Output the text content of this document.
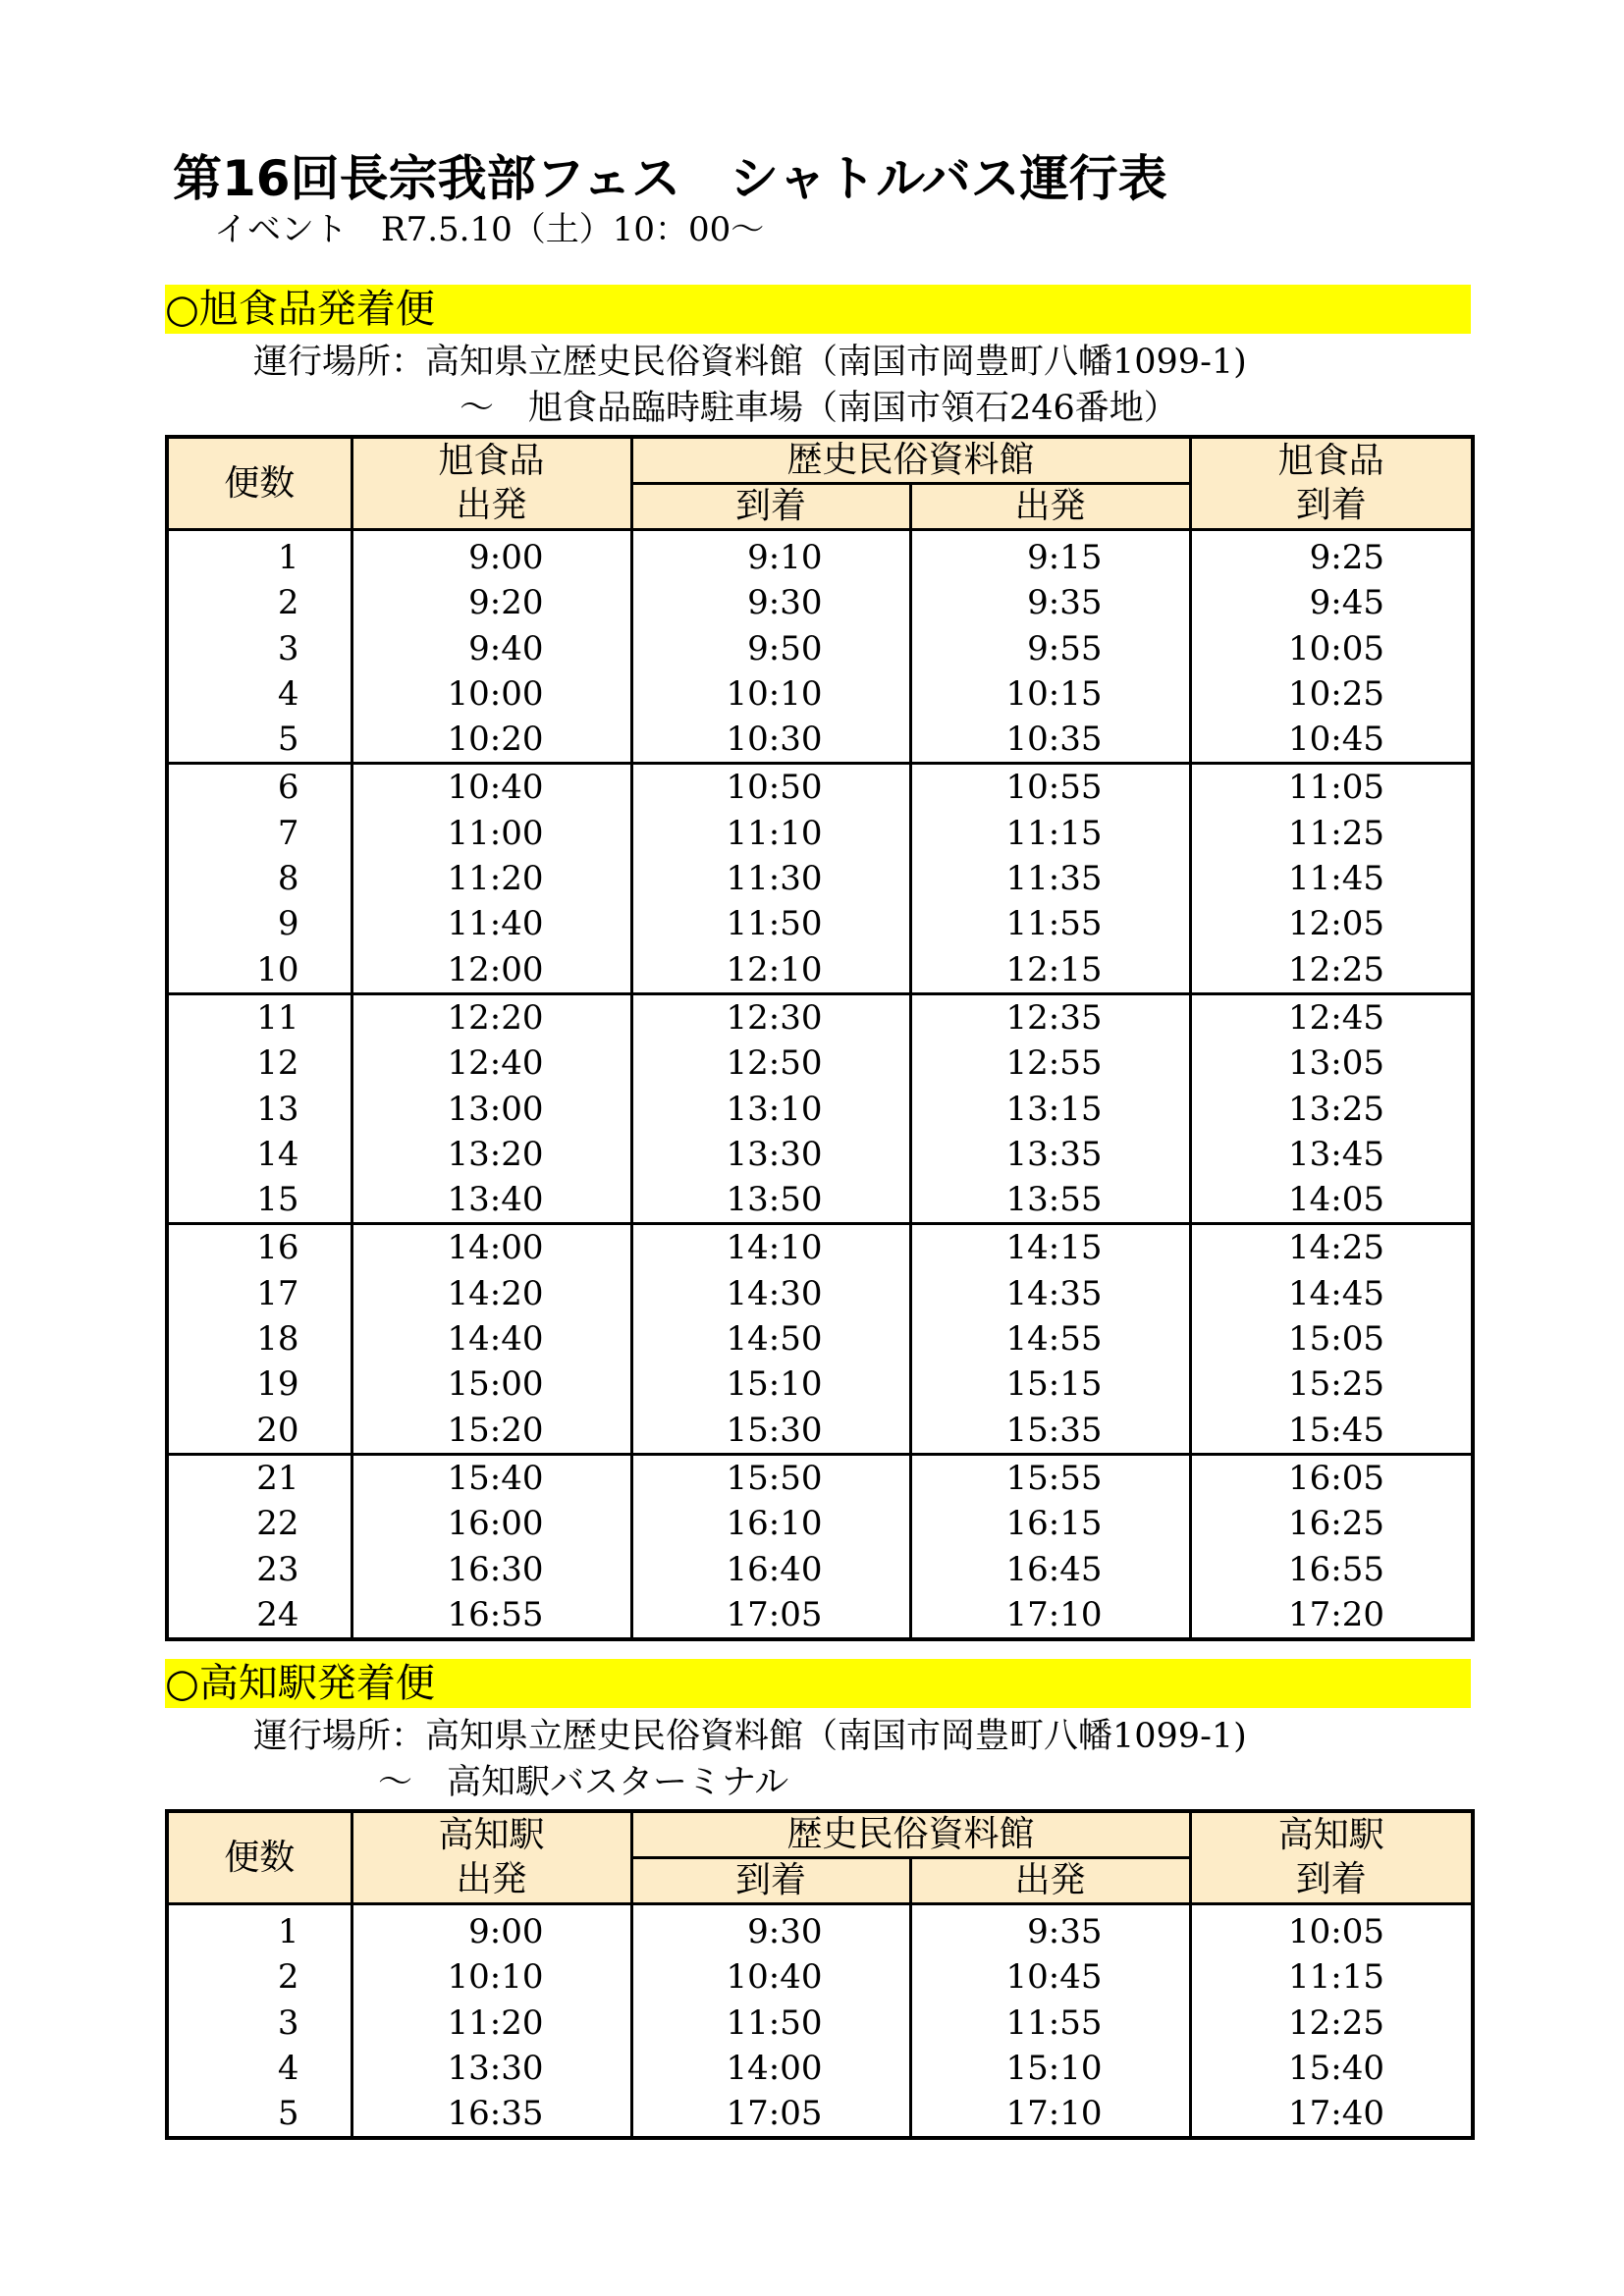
第16回長宗我部フェス　シャトルバス運行表
イベント　R7.5.10（土）10：00～
○旭食品発着便
運行場所：高知県立歴史民俗資料館（南国市岡豊町八幡1099-1)
～　旭食品臨時駐車場（南国市領石246番地）
便数	旭食品	歴史民俗資料館		旭食品
	出発	到着	出発	到着
1	9:00	9:10	9:15	9:25
2	9:20	9:30	9:35	9:45
3	9:40	9:50	9:55	10:05
4	10:00	10:10	10:15	10:25
5	10:20	10:30	10:35	10:45
6	10:40	10:50	10:55	11:05
7	11:00	11:10	11:15	11:25
8	11:20	11:30	11:35	11:45
9	11:40	11:50	11:55	12:05
10	12:00	12:10	12:15	12:25
11	12:20	12:30	12:35	12:45
12	12:40	12:50	12:55	13:05
13	13:00	13:10	13:15	13:25
14	13:20	13:30	13:35	13:45
15	13:40	13:50	13:55	14:05
16	14:00	14:10	14:15	14:25
17	14:20	14:30	14:35	14:45
18	14:40	14:50	14:55	15:05
19	15:00	15:10	15:15	15:25
20	15:20	15:30	15:35	15:45
21	15:40	15:50	15:55	16:05
22	16:00	16:10	16:15	16:25
23	16:30	16:40	16:45	16:55
24	16:55	17:05	17:10	17:20
○高知駅発着便
運行場所：高知県立歴史民俗資料館（南国市岡豊町八幡1099-1)
～　高知駅バスターミナル
便数	高知駅	歴史民俗資料館		高知駅
	出発	到着	出発	到着
1	9:00	9:30	9:35	10:05
2	10:10	10:40	10:45	11:15
3	11:20	11:50	11:55	12:25
4	13:30	14:00	15:10	15:40
5	16:35	17:05	17:10	17:40
